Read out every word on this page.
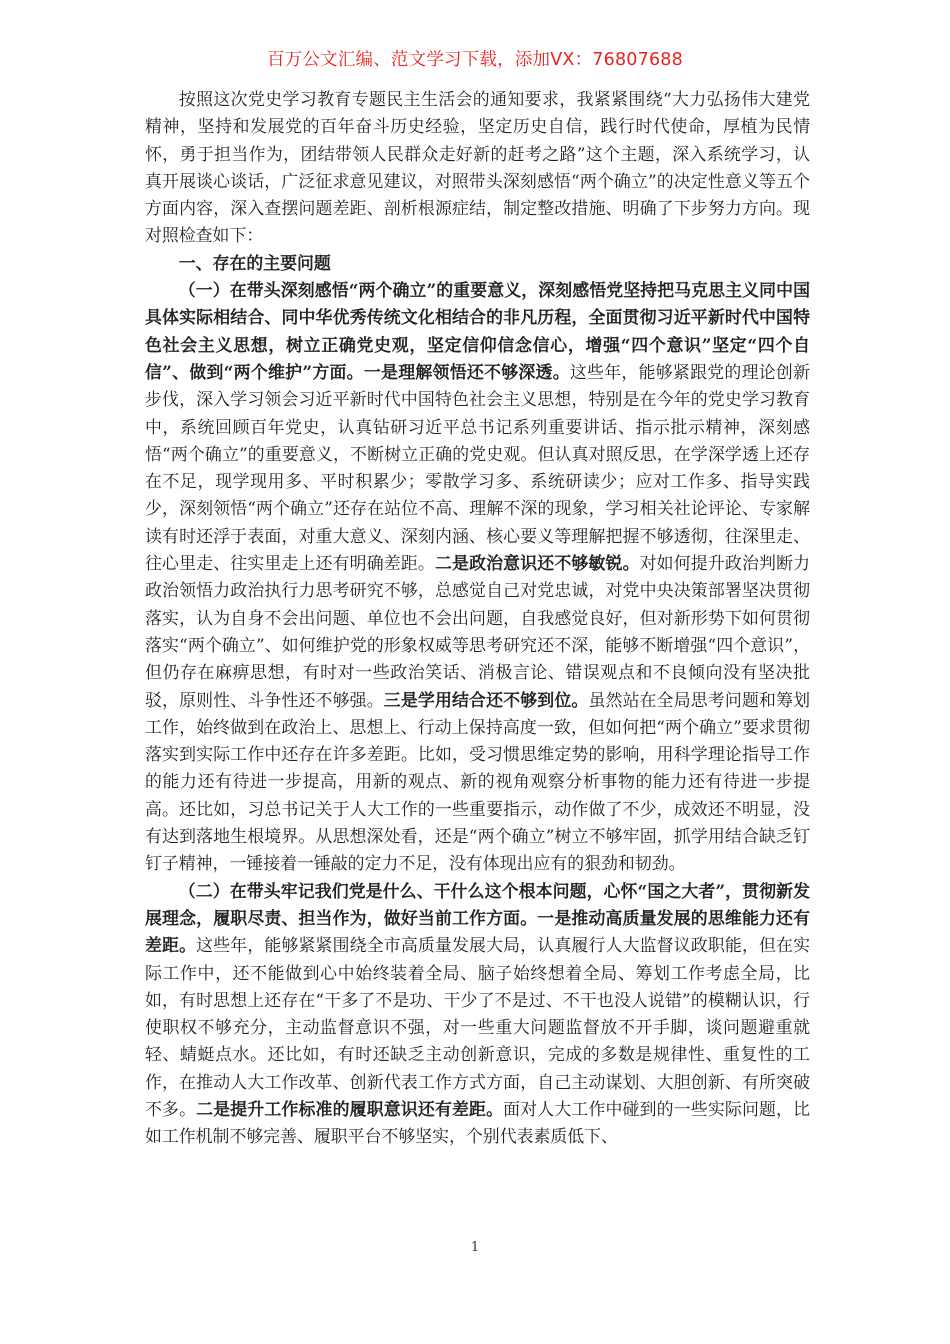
百万公文汇编、范文学习下载，添加VX：76807688

按照这次党史学习教育专题民主生活会的通知要求，我紧紧围绕“大力弘扬伟大建党精神，坚持和发展党的百年奋斗历史经验，坚定历史自信，践行时代使命，厚植为民情怀，勇于担当作为，团结带领人民群众走好新的赶考之路”这个主题，深入系统学习，认真开展谈心谈话，广泛征求意见建议，对照带头深刻感悟“两个确立”的决定性意义等五个方面内容，深入查摆问题差距、剖析根源症结，制定整改措施、明确了下步努力方向。现对照检查如下：

一、存在的主要问题

（一）在带头深刻感悟“两个确立”的重要意义，深刻感悟党坚持把马克思主义同中国具体实际相结合、同中华优秀传统文化相结合的非凡历程，全面贯彻习近平新时代中国特色社会主义思想，树立正确党史观，坚定信仰信念信心，增强“四个意识”坚定“四个自信”、做到“两个维护”方面。一是理解领悟还不够深透。这些年，能够紧跟党的理论创新步伐，深入学习领会习近平新时代中国特色社会主义思想，特别是在今年的党史学习教育中，系统回顾百年党史，认真钻研习近平总书记系列重要讲话、指示批示精神，深刻感悟“两个确立”的重要意义，不断树立正确的党史观。但认真对照反思，在学深学透上还存在不足，现学现用多、平时积累少；零散学习多、系统研读少；应对工作多、指导实践少，深刻领悟“两个确立”还存在站位不高、理解不深的现象，学习相关社论评论、专家解读有时还浮于表面，对重大意义、深刻内涵、核心要义等理解把握不够透彻，往深里走、往心里走、往实里走上还有明确差距。二是政治意识还不够敏锐。对如何提升政治判断力政治领悟力政治执行力思考研究不够，总感觉自己对党忠诚，对党中央决策部署坚决贯彻落实，认为自身不会出问题、单位也不会出问题，自我感觉良好，但对新形势下如何贯彻落实“两个确立”、如何维护党的形象权威等思考研究还不深，能够不断增强“四个意识”，但仍存在麻痹思想，有时对一些政治笑话、消极言论、错误观点和不良倾向没有坚决批驳，原则性、斗争性还不够强。三是学用结合还不够到位。虽然站在全局思考问题和筹划工作，始终做到在政治上、思想上、行动上保持高度一致，但如何把“两个确立”要求贯彻落实到实际工作中还存在许多差距。比如，受习惯思维定势的影响，用科学理论指导工作的能力还有待进一步提高，用新的观点、新的视角观察分析事物的能力还有待进一步提高。还比如，习总书记关于人大工作的一些重要指示，动作做了不少，成效还不明显，没有达到落地生根境界。从思想深处看，还是“两个确立”树立不够牢固，抓学用结合缺乏钉钉子精神，一锤接着一锤敲的定力不足，没有体现出应有的狠劲和韧劲。

（二）在带头牢记我们党是什么、干什么这个根本问题，心怀“国之大者”，贯彻新发展理念，履职尽责、担当作为，做好当前工作方面。一是推动高质量发展的思维能力还有差距。这些年，能够紧紧围绕全市高质量发展大局，认真履行人大监督议政职能，但在实际工作中，还不能做到心中始终装着全局、脑子始终想着全局、筹划工作考虑全局，比如，有时思想上还存在“干多了不是功、干少了不是过、不干也没人说错”的模糊认识，行使职权不够充分，主动监督意识不强，对一些重大问题监督放不开手脚，谈问题避重就轻、蜻蜓点水。还比如，有时还缺乏主动创新意识，完成的多数是规律性、重复性的工作，在推动人大工作改革、创新代表工作方式方面，自己主动谋划、大胆创新、有所突破不多。二是提升工作标准的履职意识还有差距。面对人大工作中碰到的一些实际问题，比如工作机制不够完善、履职平台不够坚实，个别代表素质低下、

1
